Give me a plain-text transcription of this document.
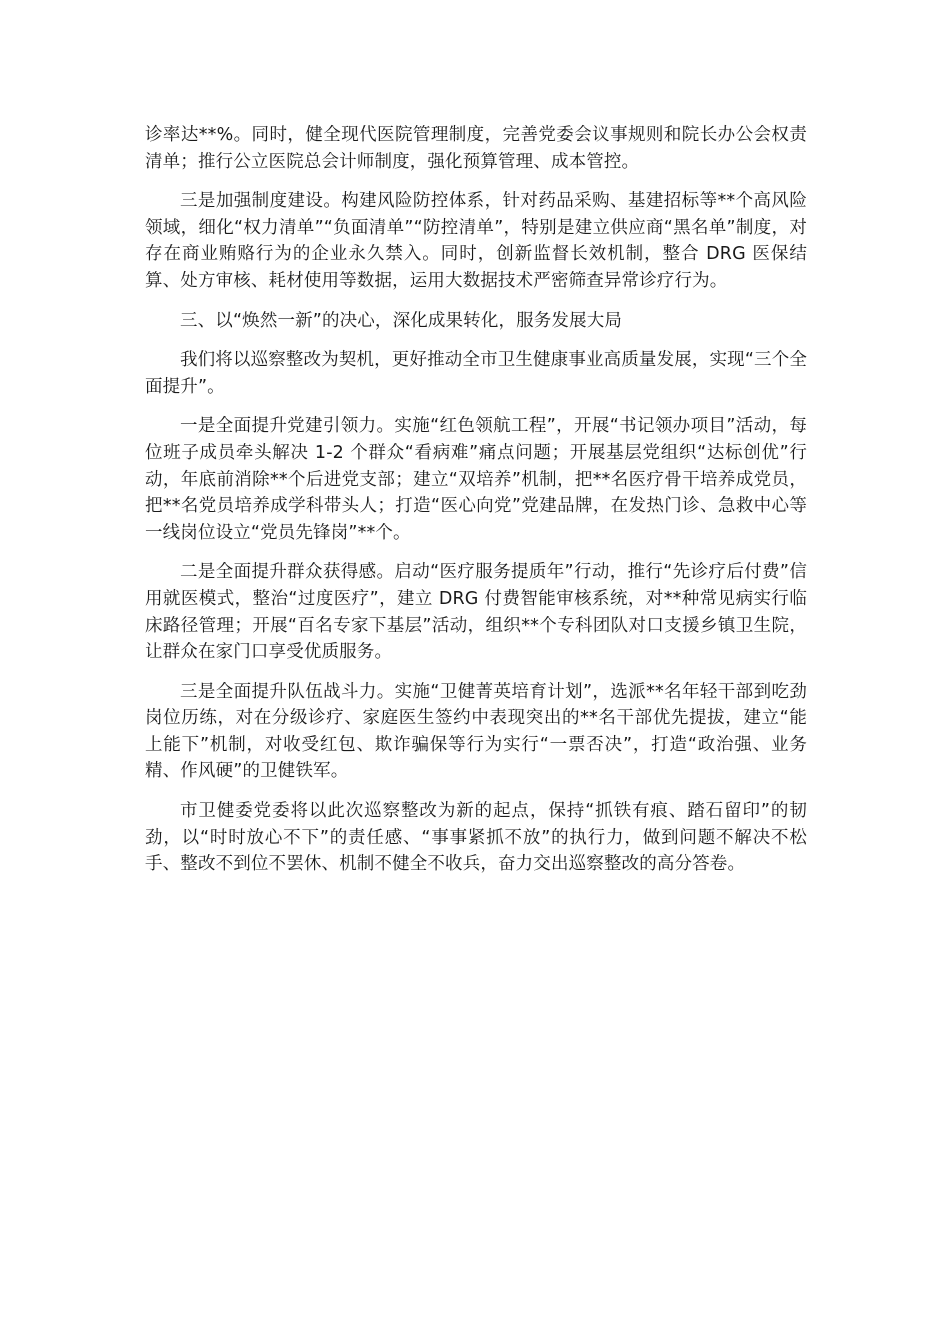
诊率达**%。同时，健全现代医院管理制度，完善党委会议事规则和院长办公会权责清单；推行公立医院总会计师制度，强化预算管理、成本管控。

三是加强制度建设。构建风险防控体系，针对药品采购、基建招标等**个高风险领域，细化“权力清单”“负面清单”“防控清单”，特别是建立供应商“黑名单”制度，对存在商业贿赂行为的企业永久禁入。同时，创新监督长效机制，整合 DRG 医保结算、处方审核、耗材使用等数据，运用大数据技术严密筛查异常诊疗行为。

三、以“焕然一新”的决心，深化成果转化，服务发展大局

我们将以巡察整改为契机，更好推动全市卫生健康事业高质量发展，实现“三个全面提升”。

一是全面提升党建引领力。实施“红色领航工程”，开展“书记领办项目”活动，每位班子成员牵头解决 1-2 个群众“看病难”痛点问题；开展基层党组织“达标创优”行动，年底前消除**个后进党支部；建立“双培养”机制，把**名医疗骨干培养成党员，把**名党员培养成学科带头人；打造“医心向党”党建品牌，在发热门诊、急救中心等一线岗位设立“党员先锋岗”**个。

二是全面提升群众获得感。启动“医疗服务提质年”行动，推行“先诊疗后付费”信用就医模式，整治“过度医疗”，建立 DRG 付费智能审核系统，对**种常见病实行临床路径管理；开展“百名专家下基层”活动，组织**个专科团队对口支援乡镇卫生院，让群众在家门口享受优质服务。

三是全面提升队伍战斗力。实施“卫健菁英培育计划”，选派**名年轻干部到吃劲岗位历练，对在分级诊疗、家庭医生签约中表现突出的**名干部优先提拔，建立“能上能下”机制，对收受红包、欺诈骗保等行为实行“一票否决”，打造“政治强、业务精、作风硬”的卫健铁军。

市卫健委党委将以此次巡察整改为新的起点，保持“抓铁有痕、踏石留印”的韧劲，以“时时放心不下”的责任感、“事事紧抓不放”的执行力，做到问题不解决不松手、整改不到位不罢休、机制不健全不收兵，奋力交出巡察整改的高分答卷。
